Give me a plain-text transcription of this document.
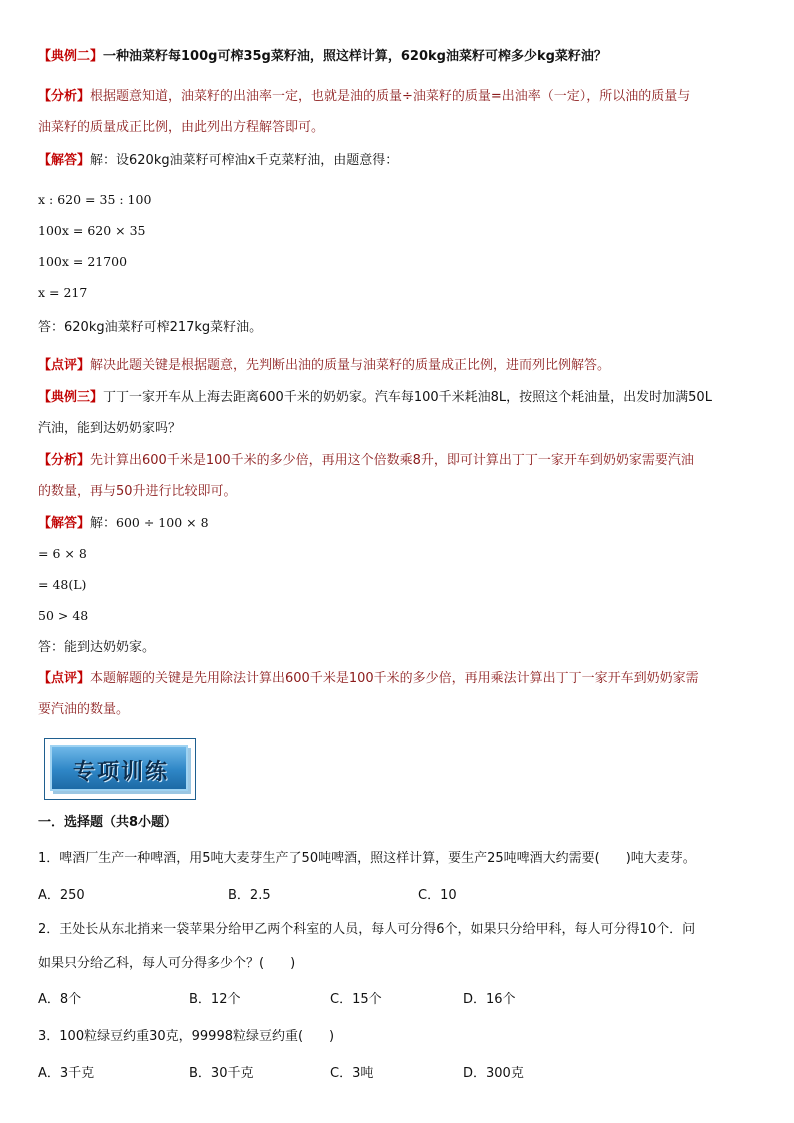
【典例二】一种油菜籽每100g可榨35g菜籽油，照这样计算，620kg油菜籽可榨多少kg菜籽油？
【分析】根据题意知道，油菜籽的出油率一定，也就是油的质量÷油菜籽的质量=出油率（一定），所以油的质量与
油菜籽的质量成正比例，由此列出方程解答即可。
【解答】解：设620kg油菜籽可榨油x千克菜籽油，由题意得：
x : 620 = 35 : 100
100x = 620 × 35
100x = 21700
x = 217
答：620kg油菜籽可榨217kg菜籽油。
【点评】解决此题关键是根据题意，先判断出油的质量与油菜籽的质量成正比例，进而列比例解答。
【典例三】丁丁一家开车从上海去距离600千米的奶奶家。汽车每100千米耗油8L，按照这个耗油量，出发时加满50L
汽油，能到达奶奶家吗？
【分析】先计算出600千米是100千米的多少倍，再用这个倍数乘8升，即可计算出丁丁一家开车到奶奶家需要汽油
的数量，再与50升进行比较即可。
【解答】解：600 ÷ 100 × 8
= 6 × 8
= 48(L)
50 > 48
答：能到达奶奶家。
【点评】本题解题的关键是先用除法计算出600千米是100千米的多少倍，再用乘法计算出丁丁一家开车到奶奶家需
要汽油的数量。
专项训练
一．选择题（共8小题）
1．啤酒厂生产一种啤酒，用5吨大麦芽生产了50吨啤酒，照这样计算，要生产25吨啤酒大约需要(　　)吨大麦芽。
A．250	B．2.5	C．10
2．王处长从东北捎来一袋苹果分给甲乙两个科室的人员，每人可分得6个，如果只分给甲科，每人可分得10个．问
如果只分给乙科，每人可分得多少个？(　　)
A．8个	B．12个	C．15个	D．16个
3．100粒绿豆约重30克，99998粒绿豆约重(　　)
A．3千克	B．30千克	C．3吨	D．300克
